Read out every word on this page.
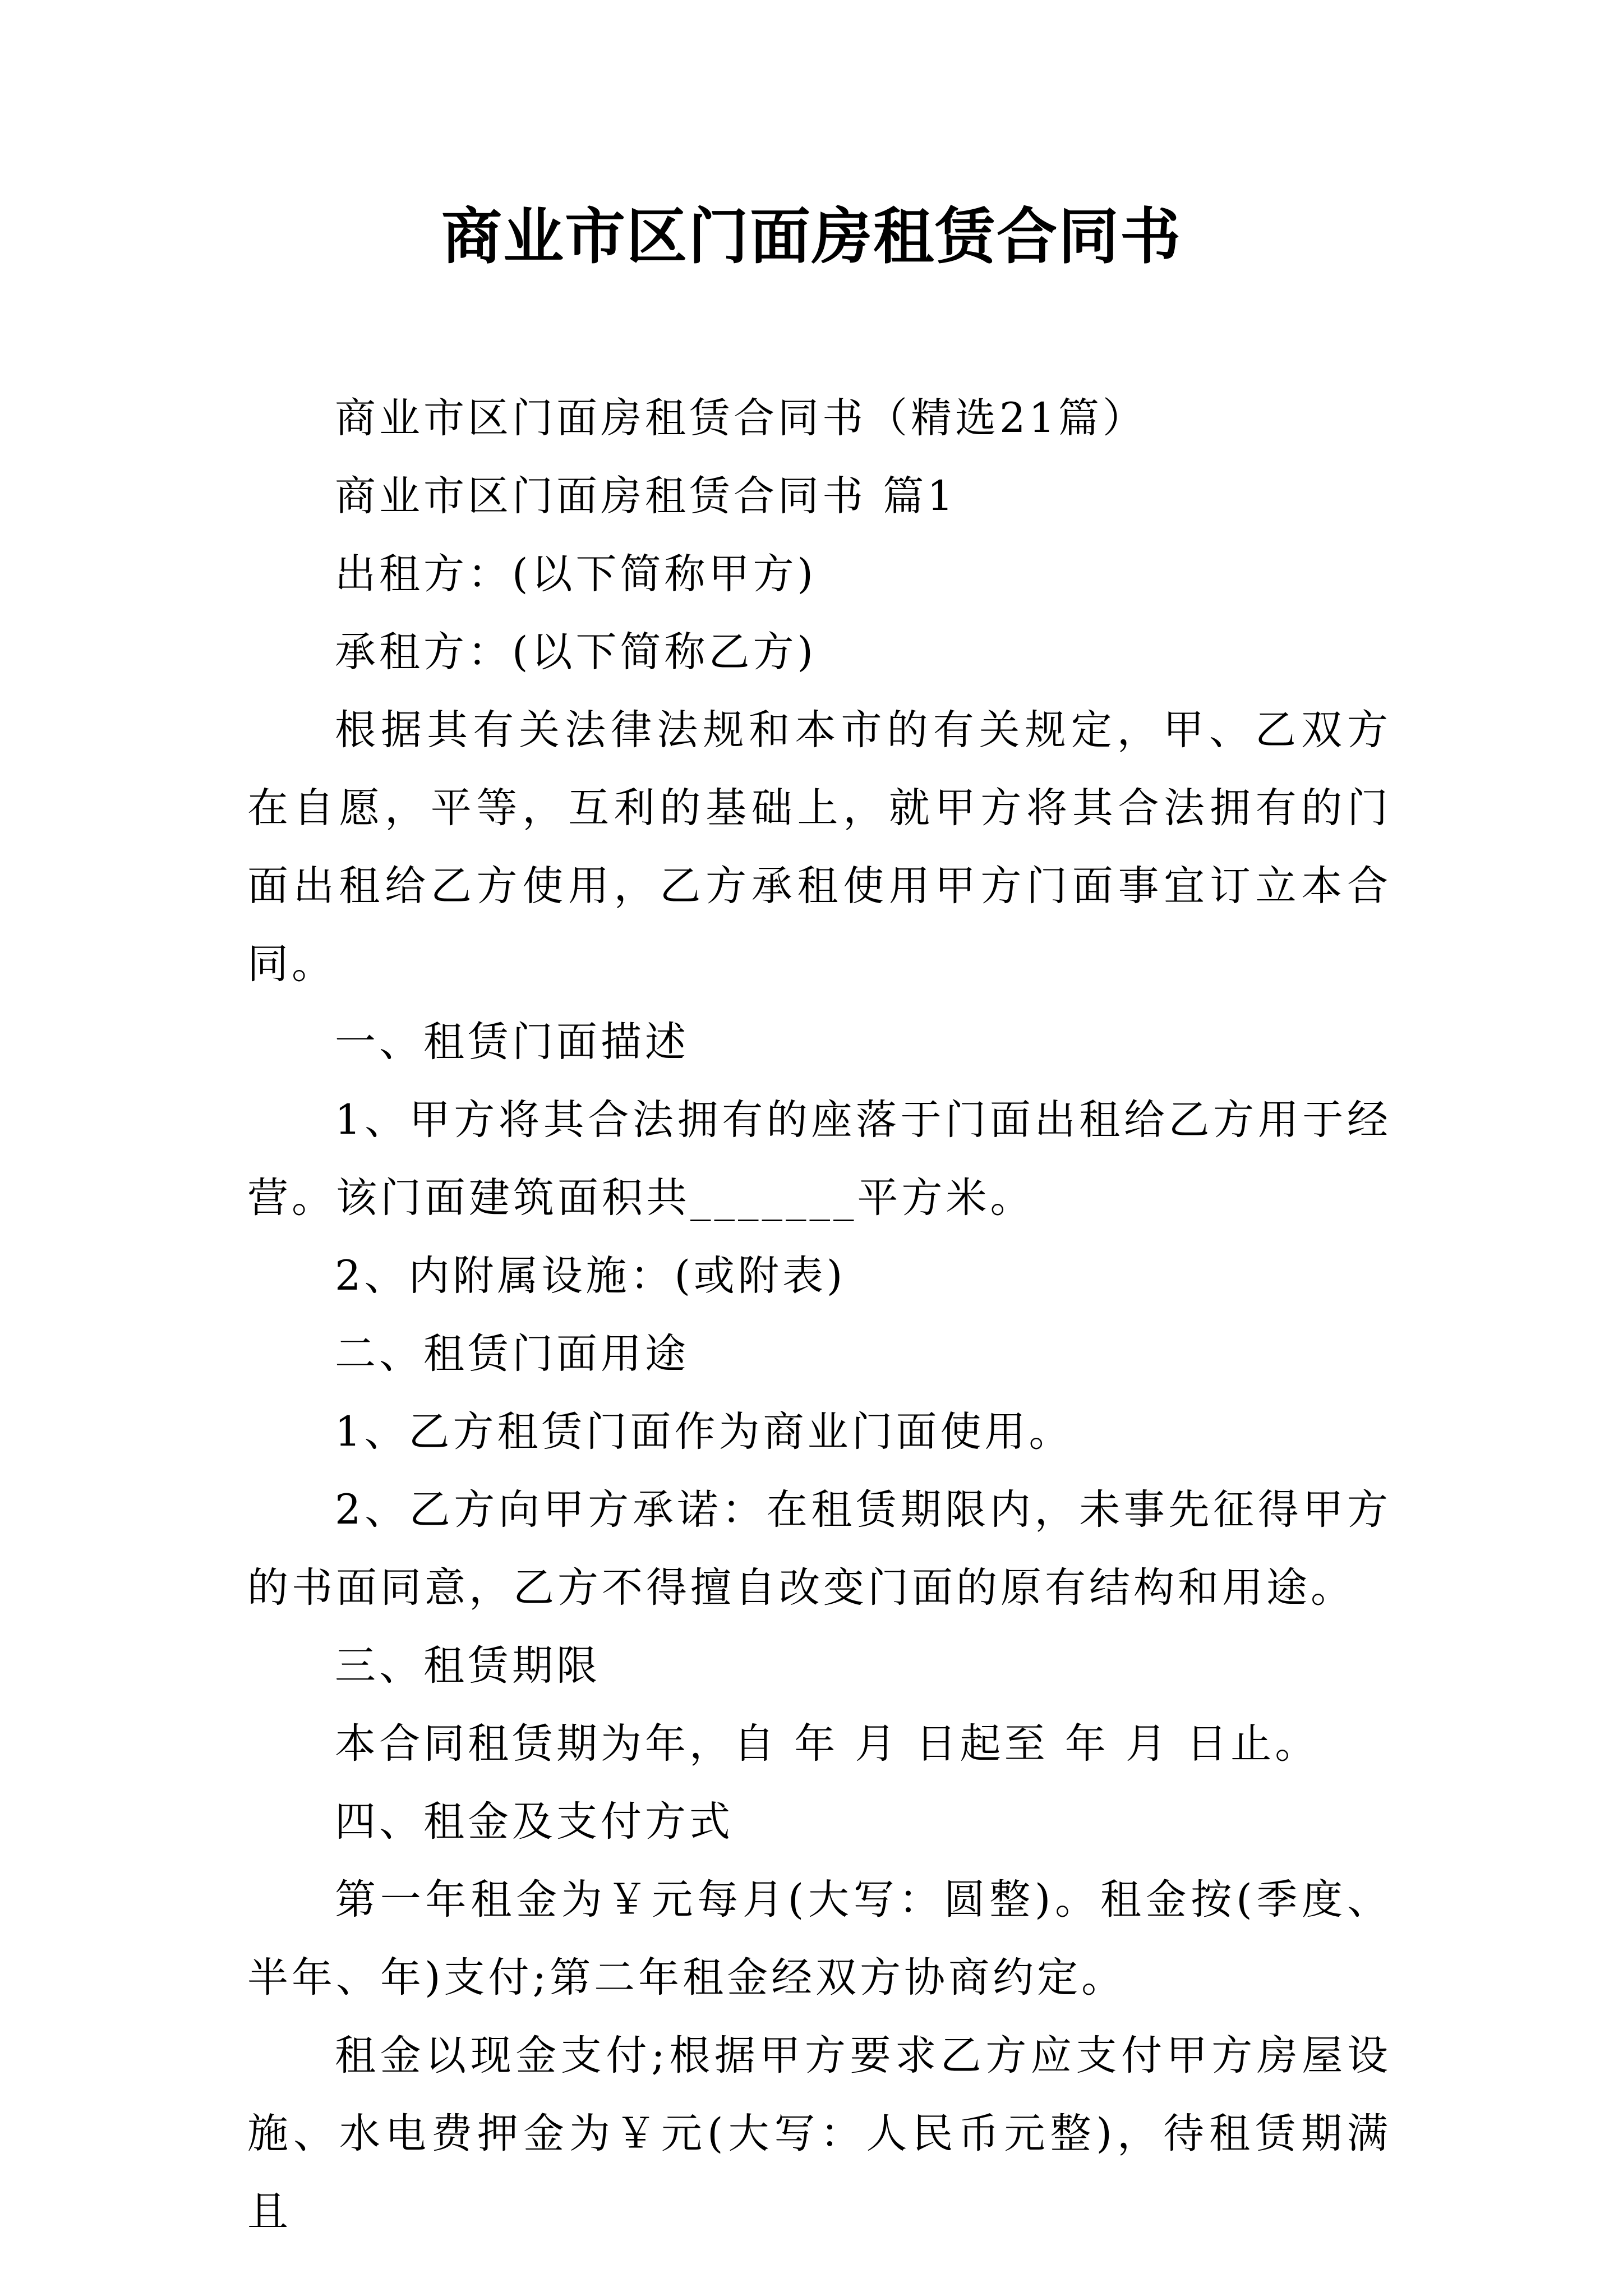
商业市区门面房租赁合同书

商业市区门面房租赁合同书（精选21篇）

商业市区门面房租赁合同书 篇1

出租方：(以下简称甲方)

承租方：(以下简称乙方)

根据其有关法律法规和本市的有关规定，甲、乙双方在自愿，平等，互利的基础上，就甲方将其合法拥有的门面出租给乙方使用，乙方承租使用甲方门面事宜订立本合同。

一、租赁门面描述

1、甲方将其合法拥有的座落于门面出租给乙方用于经营。该门面建筑面积共_______平方米。

2、内附属设施：(或附表)

二、租赁门面用途

1、乙方租赁门面作为商业门面使用。

2、乙方向甲方承诺：在租赁期限内，未事先征得甲方的书面同意，乙方不得擅自改变门面的原有结构和用途。

三、租赁期限

本合同租赁期为年，自 年 月 日起至 年 月 日止。

四、租金及支付方式

第一年租金为￥元每月(大写：圆整)。租金按(季度、半年、年)支付;第二年租金经双方协商约定。

租金以现金支付;根据甲方要求乙方应支付甲方房屋设施、水电费押金为￥元(大写：人民币元整)，待租赁期满且
